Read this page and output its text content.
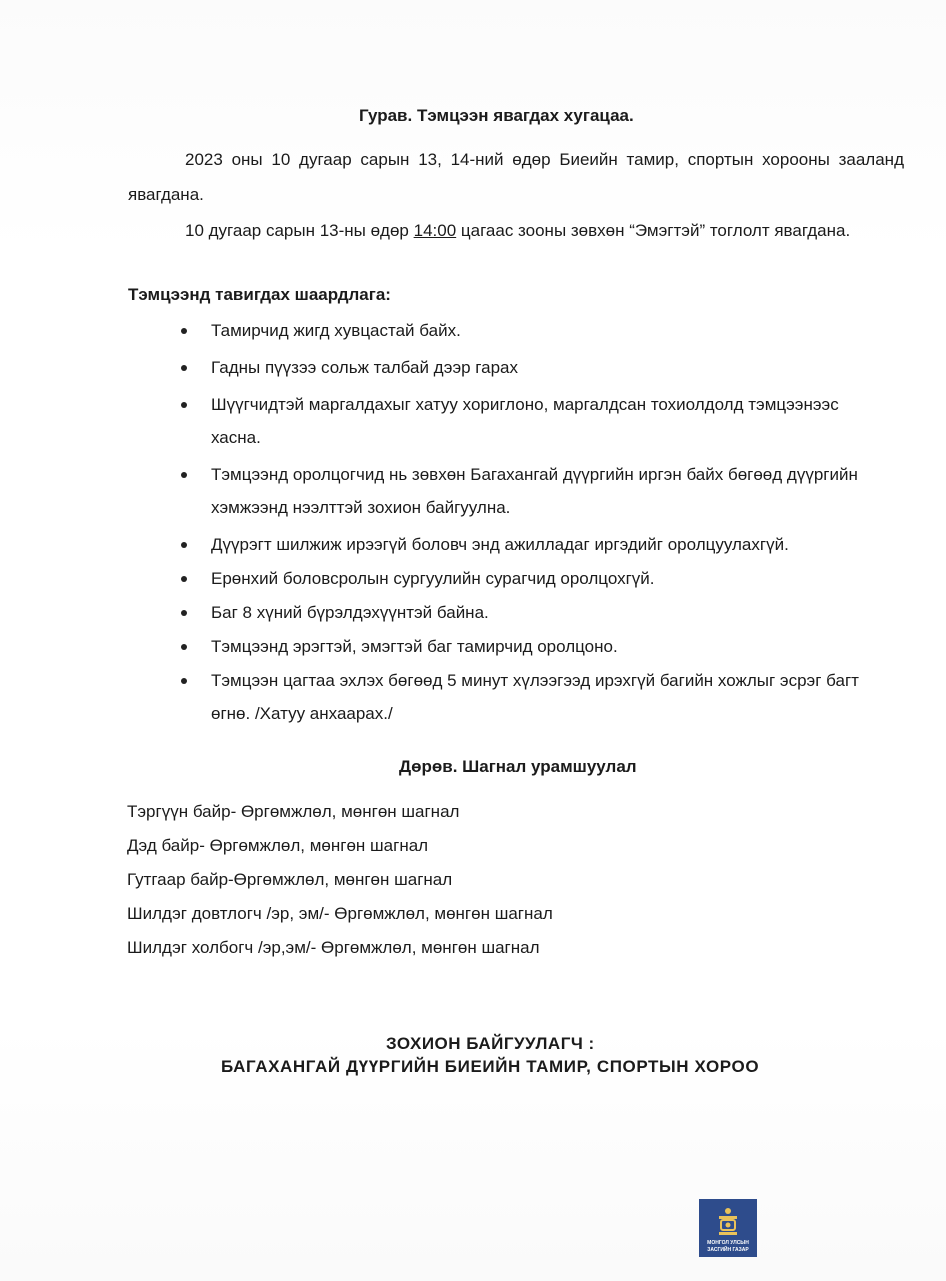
Гурав. Тэмцээн явагдах хугацаа.

2023 оны 10 дугаар сарын 13, 14-ний өдөр Биеийн тамир, спортын хорооны зааланд явагдана.

10 дугаар сарын 13-ны өдөр 14:00 цагаас зооны зөвхөн “Эмэгтэй” тоглолт явагдана.

Тэмцээнд тавигдах шаардлага:
Тамирчид жигд хувцастай байх.
Гадны пүүзээ сольж талбай дээр гарах
Шүүгчидтэй маргалдахыг хатуу хориглоно, маргалдсан тохиолдолд тэмцээнээс хасна.
Тэмцээнд оролцогчид нь зөвхөн Багахангай дүүргийн иргэн байх бөгөөд дүүргийн хэмжээнд нээлттэй зохион байгуулна.
Дүүрэгт шилжиж ирээгүй боловч энд ажилладаг иргэдийг оролцуулахгүй.
Ерөнхий боловсролын сургуулийн сурагчид оролцохгүй.
Баг 8 хүний бүрэлдэхүүнтэй байна.
Тэмцээнд эрэгтэй, эмэгтэй баг тамирчид оролцоно.
Тэмцээн цагтаа эхлэх бөгөөд 5 минут хүлээгээд ирэхгүй багийн хожлыг эсрэг багт өгнө. /Хатуу анхаарах./
Дөрөв. Шагнал урамшуулал
Тэргүүн байр- Өргөмжлөл, мөнгөн шагнал
Дэд байр- Өргөмжлөл, мөнгөн шагнал
Гутгаар байр-Өргөмжлөл, мөнгөн шагнал
Шилдэг довтлогч /эр, эм/- Өргөмжлөл, мөнгөн шагнал
Шилдэг холбогч /эр,эм/- Өргөмжлөл, мөнгөн шагнал
ЗОХИОН БАЙГУУЛАГЧ :
БАГАХАНГАЙ ДҮҮРГИЙН БИЕИЙН ТАМИР, СПОРТЫН ХОРОО
МОНГОЛ УЛСЫН
ЗАСГИЙН ГАЗАР
